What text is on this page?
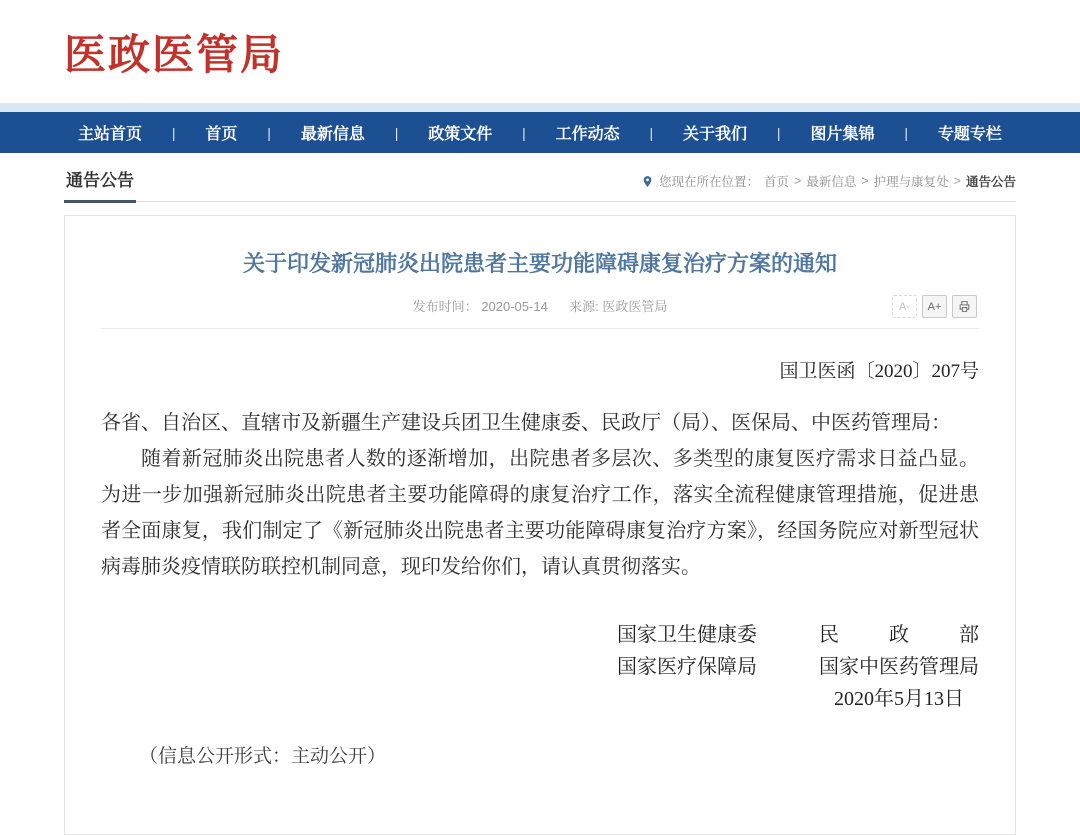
医政医管局
主站首页 | 首页 | 最新信息 | 政策文件 | 工作动态 | 关于我们 | 图片集锦 | 专题专栏
通告公告	您现在所在位置： 首页 > 最新信息 > 护理与康复处 > 通告公告
关于印发新冠肺炎出院患者主要功能障碍康复治疗方案的通知
发布时间： 2020-05-14 来源: 医政医管局	A-	A+
国卫医函〔2020〕207号

各省、自治区、直辖市及新疆生产建设兵团卫生健康委、民政厅（局）、医保局、中医药管理局：

随着新冠肺炎出院患者人数的逐渐增加，出院患者多层次、多类型的康复医疗需求日益凸显。为进一步加强新冠肺炎出院患者主要功能障碍的康复治疗工作，落实全流程健康管理措施，促进患者全面康复，我们制定了《新冠肺炎出院患者主要功能障碍康复治疗方案》，经国务院应对新型冠状病毒肺炎疫情联防联控机制同意，现印发给你们，请认真贯彻落实。

国家卫生健康委	民政部
国家医疗保障局	国家中医药管理局
2020年5月13日

（信息公开形式：主动公开）
